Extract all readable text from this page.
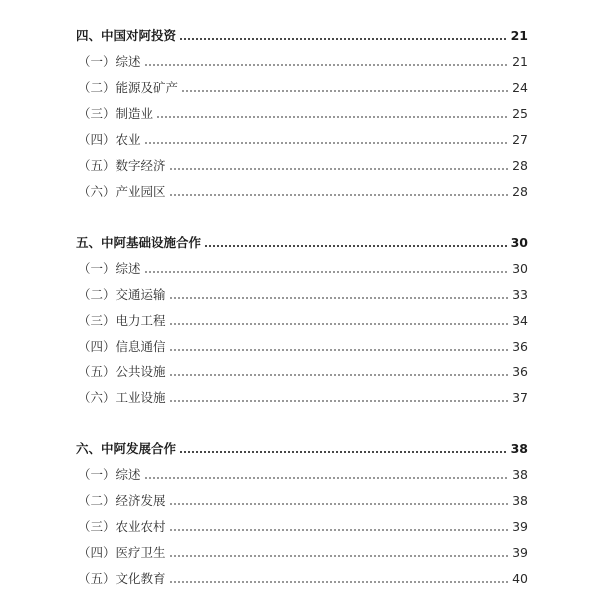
四、中国对阿投资	21
（一）综述	21
（二）能源及矿产	24
（三）制造业	25
（四）农业	27
（五）数字经济	28
（六）产业园区	28
五、中阿基础设施合作	30
（一）综述	30
（二）交通运输	33
（三）电力工程	34
（四）信息通信	36
（五）公共设施	36
（六）工业设施	37
六、中阿发展合作	38
（一）综述	38
（二）经济发展	38
（三）农业农村	39
（四）医疗卫生	39
（五）文化教育	40
